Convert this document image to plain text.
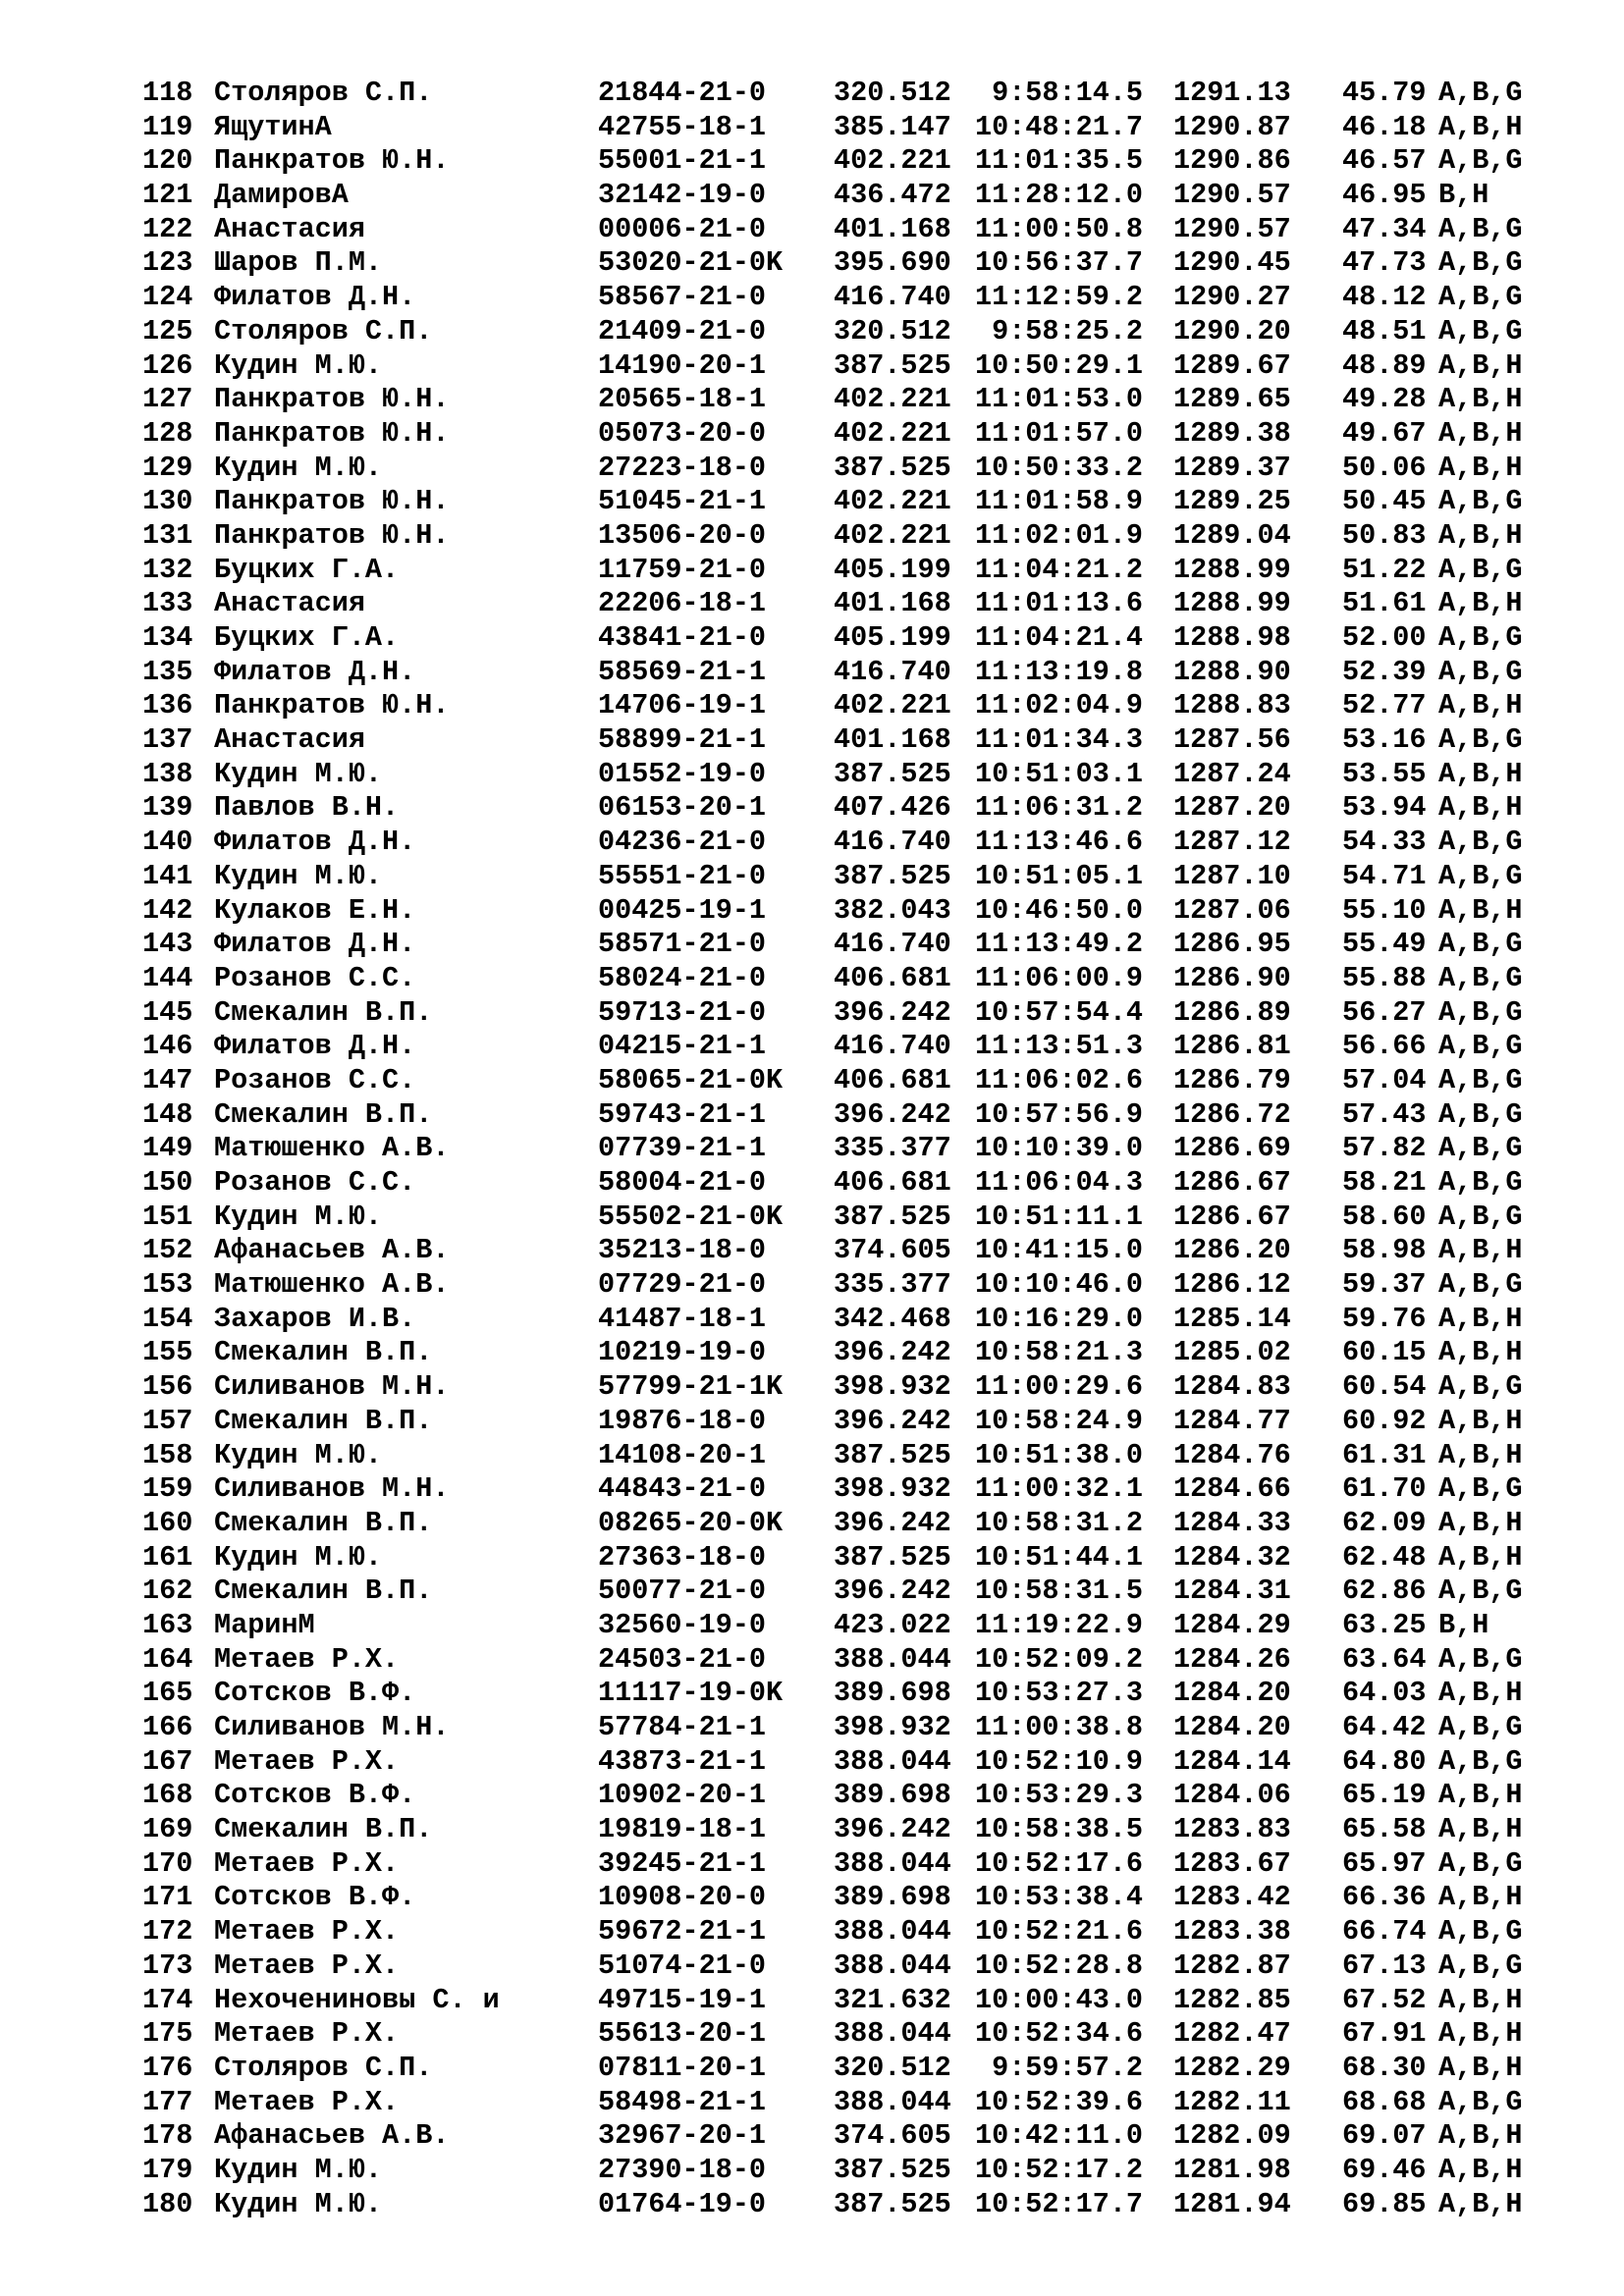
118 Столяров С.П.	21844-21-0 320.512 9:58:14.5 1291.13 45.79 A,B,G
119 ЯщутинА	42755-18-1 385.147 10:48:21.7 1290.87 46.18 A,B,H
120 Панкратов Ю.Н.	55001-21-1 402.221 11:01:35.5 1290.86 46.57 A,B,G
121 ДамировА	32142-19-0 436.472 11:28:12.0 1290.57 46.95 B,H
122 Анастасия	00006-21-0 401.168 11:00:50.8 1290.57 47.34 A,B,G
123 Шаров П.М.	53020-21-0K 395.690 10:56:37.7 1290.45 47.73 A,B,G
124 Филатов Д.Н.	58567-21-0 416.740 11:12:59.2 1290.27 48.12 A,B,G
125 Столяров С.П.	21409-21-0 320.512 9:58:25.2 1290.20 48.51 A,B,G
126 Кудин М.Ю.	14190-20-1 387.525 10:50:29.1 1289.67 48.89 A,B,H
127 Панкратов Ю.Н.	20565-18-1 402.221 11:01:53.0 1289.65 49.28 A,B,H
128 Панкратов Ю.Н.	05073-20-0 402.221 11:01:57.0 1289.38 49.67 A,B,H
129 Кудин М.Ю.	27223-18-0 387.525 10:50:33.2 1289.37 50.06 A,B,H
130 Панкратов Ю.Н.	51045-21-1 402.221 11:01:58.9 1289.25 50.45 A,B,G
131 Панкратов Ю.Н.	13506-20-0 402.221 11:02:01.9 1289.04 50.83 A,B,H
132 Буцких Г.А.	11759-21-0 405.199 11:04:21.2 1288.99 51.22 A,B,G
133 Анастасия	22206-18-1 401.168 11:01:13.6 1288.99 51.61 A,B,H
134 Буцких Г.А.	43841-21-0 405.199 11:04:21.4 1288.98 52.00 A,B,G
135 Филатов Д.Н.	58569-21-1 416.740 11:13:19.8 1288.90 52.39 A,B,G
136 Панкратов Ю.Н.	14706-19-1 402.221 11:02:04.9 1288.83 52.77 A,B,H
137 Анастасия	58899-21-1 401.168 11:01:34.3 1287.56 53.16 A,B,G
138 Кудин М.Ю.	01552-19-0 387.525 10:51:03.1 1287.24 53.55 A,B,H
139 Павлов В.Н.	06153-20-1 407.426 11:06:31.2 1287.20 53.94 A,B,H
140 Филатов Д.Н.	04236-21-0 416.740 11:13:46.6 1287.12 54.33 A,B,G
141 Кудин М.Ю.	55551-21-0 387.525 10:51:05.1 1287.10 54.71 A,B,G
142 Кулаков Е.Н.	00425-19-1 382.043 10:46:50.0 1287.06 55.10 A,B,H
143 Филатов Д.Н.	58571-21-0 416.740 11:13:49.2 1286.95 55.49 A,B,G
144 Розанов С.С.	58024-21-0 406.681 11:06:00.9 1286.90 55.88 A,B,G
145 Смекалин В.П.	59713-21-0 396.242 10:57:54.4 1286.89 56.27 A,B,G
146 Филатов Д.Н.	04215-21-1 416.740 11:13:51.3 1286.81 56.66 A,B,G
147 Розанов С.С.	58065-21-0K 406.681 11:06:02.6 1286.79 57.04 A,B,G
148 Смекалин В.П.	59743-21-1 396.242 10:57:56.9 1286.72 57.43 A,B,G
149 Матюшенко А.В.	07739-21-1 335.377 10:10:39.0 1286.69 57.82 A,B,G
150 Розанов С.С.	58004-21-0 406.681 11:06:04.3 1286.67 58.21 A,B,G
151 Кудин М.Ю.	55502-21-0K 387.525 10:51:11.1 1286.67 58.60 A,B,G
152 Афанасьев А.В.	35213-18-0 374.605 10:41:15.0 1286.20 58.98 A,B,H
153 Матюшенко А.В.	07729-21-0 335.377 10:10:46.0 1286.12 59.37 A,B,G
154 Захаров И.В.	41487-18-1 342.468 10:16:29.0 1285.14 59.76 A,B,H
155 Смекалин В.П.	10219-19-0 396.242 10:58:21.3 1285.02 60.15 A,B,H
156 Силиванов М.Н.	57799-21-1K 398.932 11:00:29.6 1284.83 60.54 A,B,G
157 Смекалин В.П.	19876-18-0 396.242 10:58:24.9 1284.77 60.92 A,B,H
158 Кудин М.Ю.	14108-20-1 387.525 10:51:38.0 1284.76 61.31 A,B,H
159 Силиванов М.Н.	44843-21-0 398.932 11:00:32.1 1284.66 61.70 A,B,G
160 Смекалин В.П.	08265-20-0K 396.242 10:58:31.2 1284.33 62.09 A,B,H
161 Кудин М.Ю.	27363-18-0 387.525 10:51:44.1 1284.32 62.48 A,B,H
162 Смекалин В.П.	50077-21-0 396.242 10:58:31.5 1284.31 62.86 A,B,G
163 МаринМ	32560-19-0 423.022 11:19:22.9 1284.29 63.25 B,H
164 Метаев Р.Х.	24503-21-0 388.044 10:52:09.2 1284.26 63.64 A,B,G
165 Сотсков В.Ф.	11117-19-0K 389.698 10:53:27.3 1284.20 64.03 A,B,H
166 Силиванов М.Н.	57784-21-1 398.932 11:00:38.8 1284.20 64.42 A,B,G
167 Метаев Р.Х.	43873-21-1 388.044 10:52:10.9 1284.14 64.80 A,B,G
168 Сотсков В.Ф.	10902-20-1 389.698 10:53:29.3 1284.06 65.19 A,B,H
169 Смекалин В.П.	19819-18-1 396.242 10:58:38.5 1283.83 65.58 A,B,H
170 Метаев Р.Х.	39245-21-1 388.044 10:52:17.6 1283.67 65.97 A,B,G
171 Сотсков В.Ф.	10908-20-0 389.698 10:53:38.4 1283.42 66.36 A,B,H
172 Метаев Р.Х.	59672-21-1 388.044 10:52:21.6 1283.38 66.74 A,B,G
173 Метаев Р.Х.	51074-21-0 388.044 10:52:28.8 1282.87 67.13 A,B,G
174 Нехочениновы С. и	49715-19-1 321.632 10:00:43.0 1282.85 67.52 A,B,H
175 Метаев Р.Х.	55613-20-1 388.044 10:52:34.6 1282.47 67.91 A,B,H
176 Столяров С.П.	07811-20-1 320.512 9:59:57.2 1282.29 68.30 A,B,H
177 Метаев Р.Х.	58498-21-1 388.044 10:52:39.6 1282.11 68.68 A,B,G
178 Афанасьев А.В.	32967-20-1 374.605 10:42:11.0 1282.09 69.07 A,B,H
179 Кудин М.Ю.	27390-18-0 387.525 10:52:17.2 1281.98 69.46 A,B,H
180 Кудин М.Ю.	01764-19-0 387.525 10:52:17.7 1281.94 69.85 A,B,H
